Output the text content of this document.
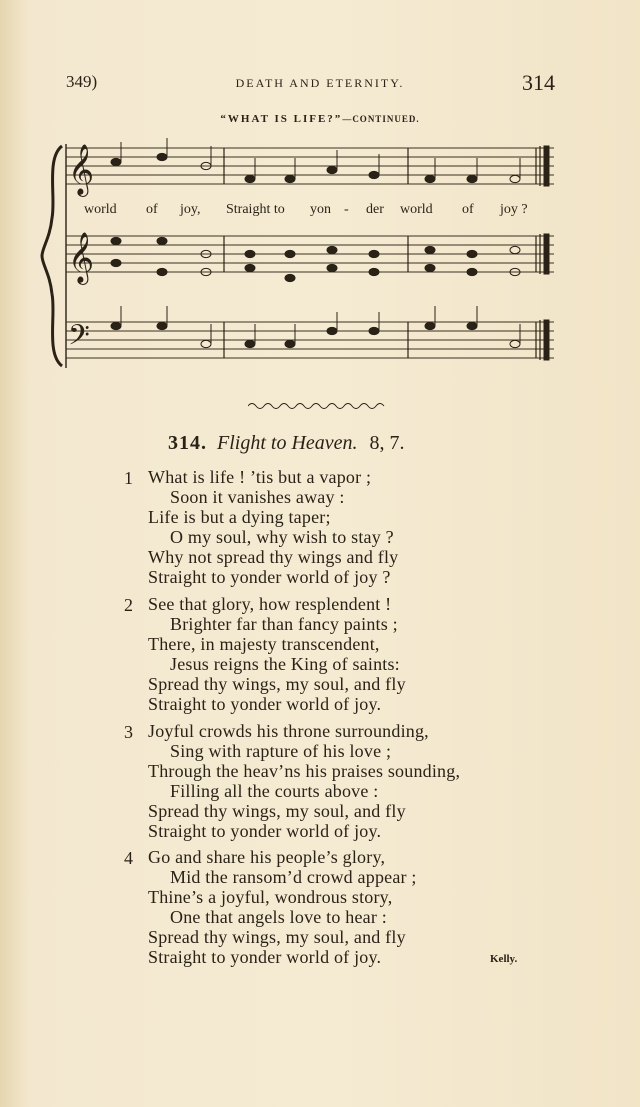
349)	DEATH AND ETERNITY.	314
“WHAT IS LIFE?”—CONTINUED.
𝄞
𝄞
𝄢
world of joy, Straight to yon - der world of joy ?
314. Flight to Heaven. 8, 7.
1 What is life ! ’tis but a vapor ;
Soon it vanishes away :
Life is but a dying taper;
O my soul, why wish to stay ?
Why not spread thy wings and fly
Straight to yonder world of joy ?
2 See that glory, how resplendent !
Brighter far than fancy paints ;
There, in majesty transcendent,
Jesus reigns the King of saints:
Spread thy wings, my soul, and fly
Straight to yonder world of joy.
3 Joyful crowds his throne surrounding,
Sing with rapture of his love ;
Through the heav’ns his praises sounding,
Filling all the courts above :
Spread thy wings, my soul, and fly
Straight to yonder world of joy.
4 Go and share his people’s glory,
Mid the ransom’d crowd appear ;
Thine’s a joyful, wondrous story,
One that angels love to hear :
Spread thy wings, my soul, and fly
Straight to yonder world of joy.	Kelly.
